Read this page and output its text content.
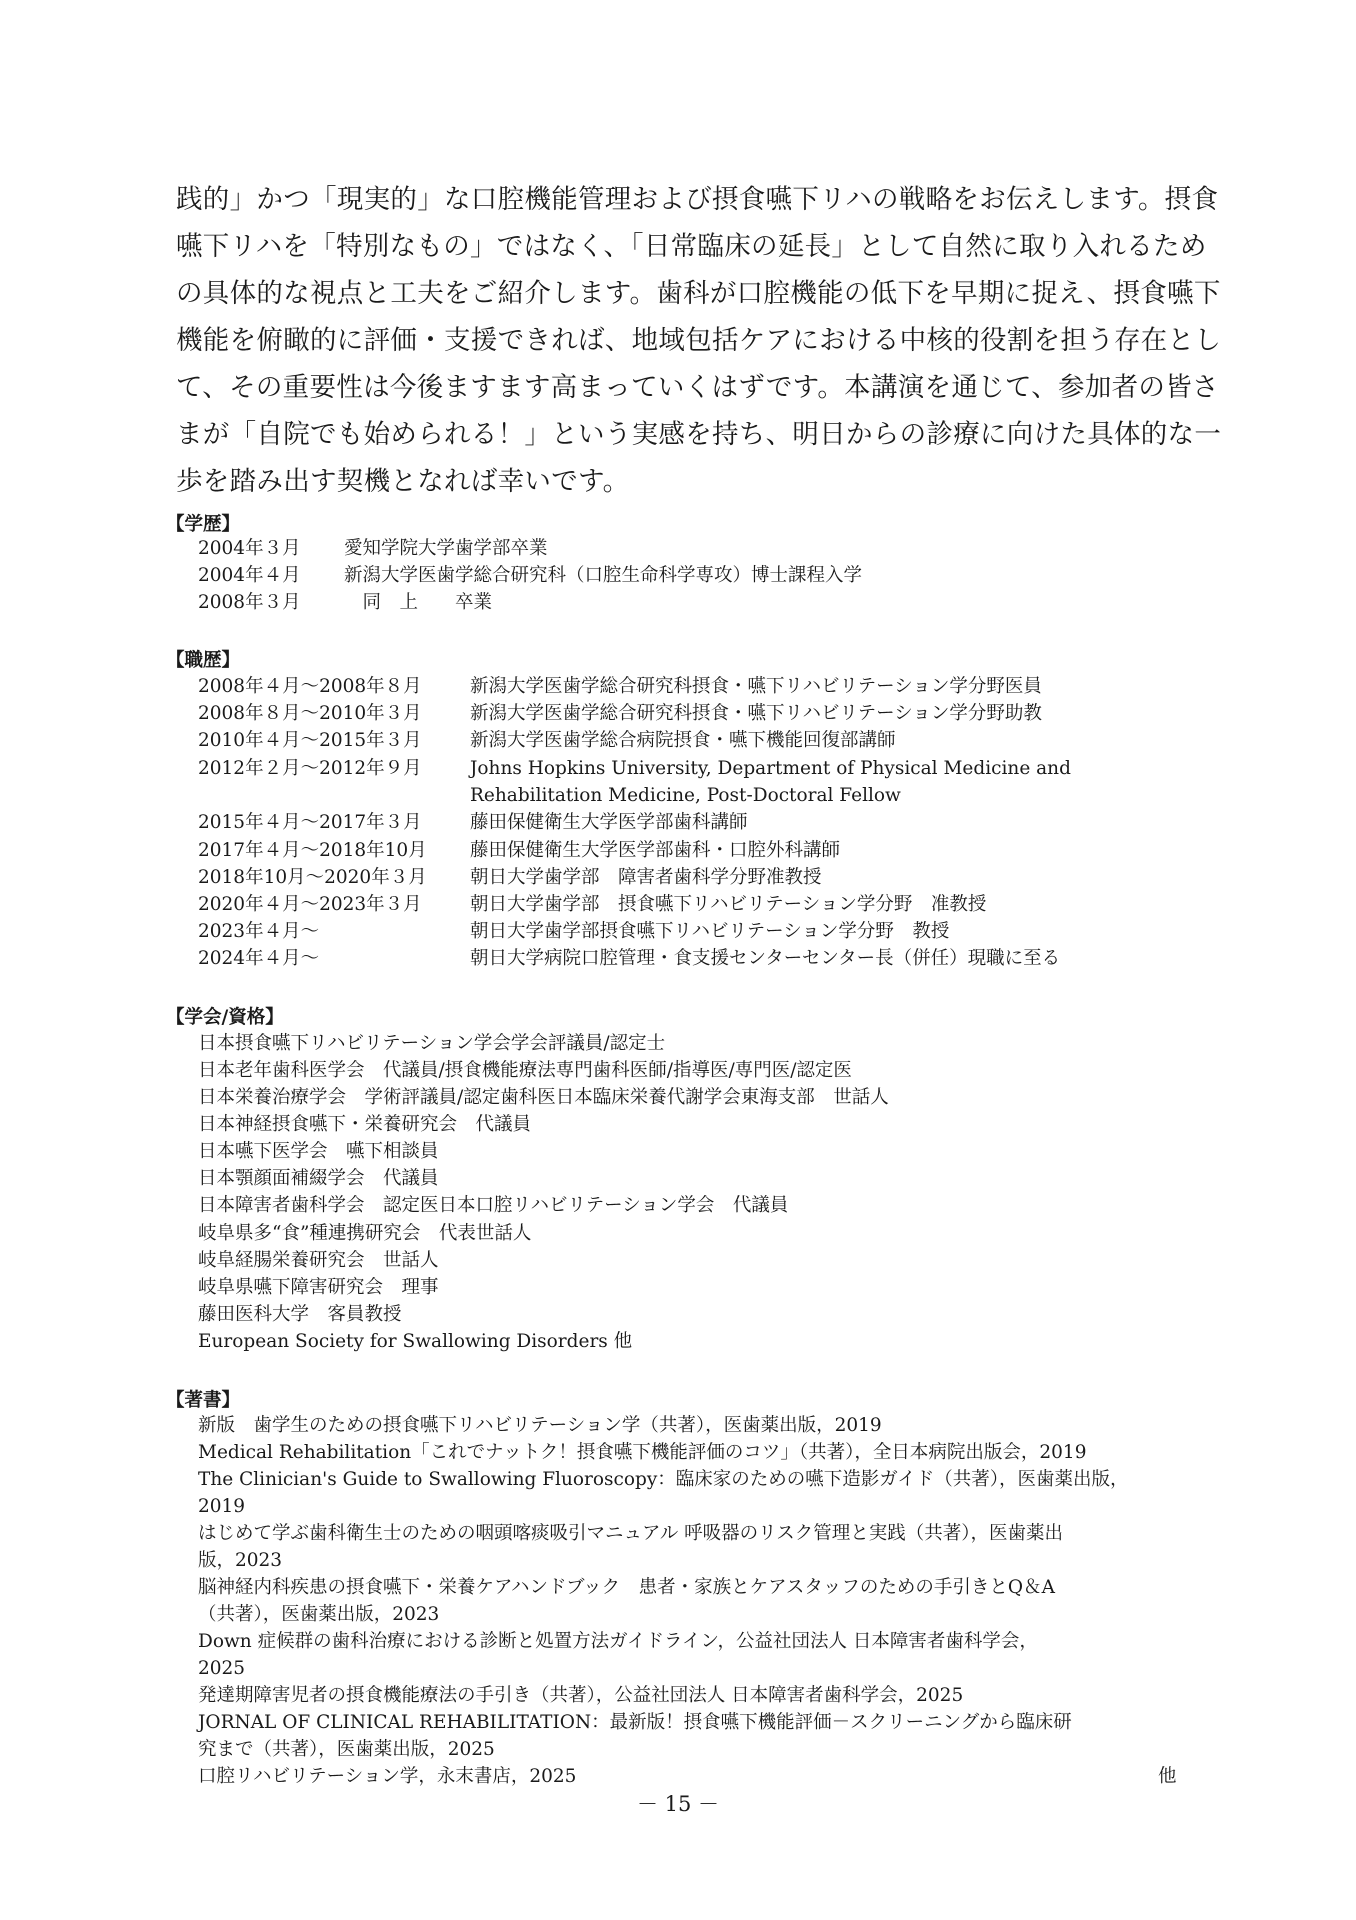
践的」かつ「現実的」な口腔機能管理および摂食嚥下リハの戦略をお伝えします。摂食
嚥下リハを「特別なもの」ではなく、「日常臨床の延長」として自然に取り入れるため
の具体的な視点と工夫をご紹介します。歯科が口腔機能の低下を早期に捉え、摂食嚥下
機能を俯瞰的に評価・支援できれば、地域包括ケアにおける中核的役割を担う存在とし
て、その重要性は今後ますます高まっていくはずです。本講演を通じて、参加者の皆さ
まが「自院でも始められる！」という実感を持ち、明日からの診療に向けた具体的な一
歩を踏み出す契機となれば幸いです。
【学歴】
2004年３月 愛知学院大学歯学部卒業
2004年４月 新潟大学医歯学総合研究科（口腔生命科学専攻）博士課程入学
2008年３月 　同　上　　卒業
【職歴】
2008年４月～2008年８月	新潟大学医歯学総合研究科摂食・嚥下リハビリテーション学分野医員
2008年８月～2010年３月	新潟大学医歯学総合研究科摂食・嚥下リハビリテーション学分野助教
2010年４月～2015年３月	新潟大学医歯学総合病院摂食・嚥下機能回復部講師
2012年２月～2012年９月	Johns Hopkins University, Department of Physical Medicine and
Rehabilitation Medicine, Post-Doctoral Fellow
2015年４月～2017年３月	藤田保健衛生大学医学部歯科講師
2017年４月～2018年10月 藤田保健衛生大学医学部歯科・口腔外科講師
2018年10月～2020年３月 朝日大学歯学部　障害者歯科学分野准教授
2020年４月～2023年３月	朝日大学歯学部　摂食嚥下リハビリテーション学分野　准教授
2023年４月～	朝日大学歯学部摂食嚥下リハビリテーション学分野　教授
2024年４月～	朝日大学病院口腔管理・食支援センターセンター長（併任）現職に至る
【学会/資格】
日本摂食嚥下リハビリテーション学会学会評議員/認定士
日本老年歯科医学会　代議員/摂食機能療法専門歯科医師/指導医/専門医/認定医
日本栄養治療学会　学術評議員/認定歯科医日本臨床栄養代謝学会東海支部　世話人
日本神経摂食嚥下・栄養研究会　代議員
日本嚥下医学会　嚥下相談員
日本顎顔面補綴学会　代議員
日本障害者歯科学会　認定医日本口腔リハビリテーション学会　代議員
岐阜県多“食”種連携研究会　代表世話人
岐阜経腸栄養研究会　世話人
岐阜県嚥下障害研究会　理事
藤田医科大学　客員教授
European Society for Swallowing Disorders 他
【著書】
新版　歯学生のための摂食嚥下リハビリテーション学（共著），医歯薬出版，2019
Medical Rehabilitation「これでナットク！摂食嚥下機能評価のコツ」（共著），全日本病院出版会，2019
The Clinician's Guide to Swallowing Fluoroscopy：臨床家のための嚥下造影ガイド（共著），医歯薬出版，
2019
はじめて学ぶ歯科衛生士のための咽頭喀痰吸引マニュアル 呼吸器のリスク管理と実践（共著），医歯薬出
版，2023
脳神経内科疾患の摂食嚥下・栄養ケアハンドブック　患者・家族とケアスタッフのための手引きとQ＆A
（共著），医歯薬出版，2023
Down 症候群の歯科治療における診断と処置方法ガイドライン，公益社団法人 日本障害者歯科学会，
2025
発達期障害児者の摂食機能療法の手引き（共著），公益社団法人 日本障害者歯科学会，2025
JORNAL OF CLINICAL REHABILITATION：最新版！摂食嚥下機能評価－スクリーニングから臨床研
究まで（共著），医歯薬出版，2025
口腔リハビリテーション学，永末書店，2025	他
－ 15 －
